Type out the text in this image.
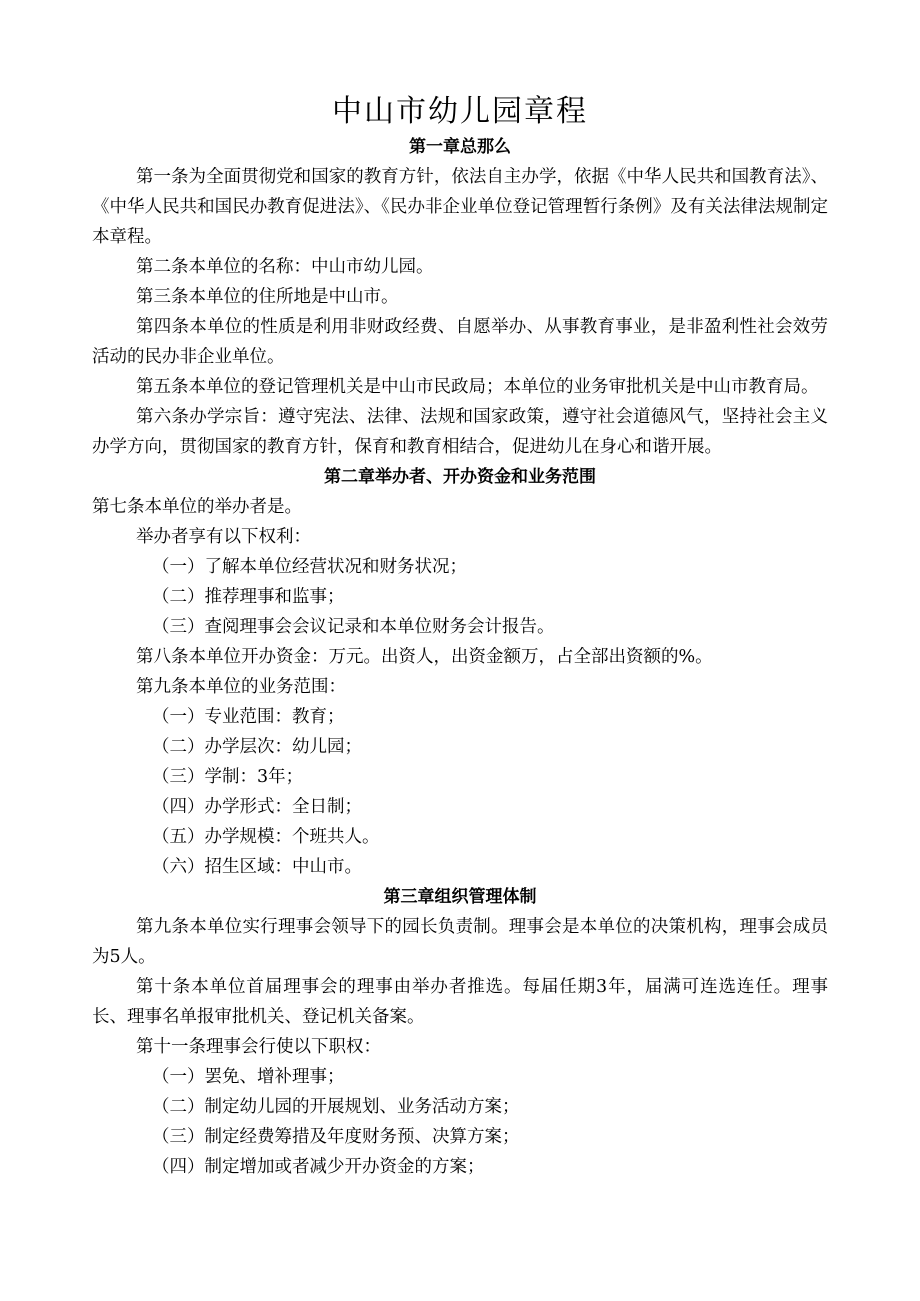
中山市幼儿园章程
第一章总那么

第一条为全面贯彻党和国家的教育方针，依法自主办学，依据《中华人民共和国教育法》、《中华人民共和国民办教育促进法》、《民办非企业单位登记管理暂行条例》及有关法律法规制定本章程。

第二条本单位的名称：中山市幼儿园。

第三条本单位的住所地是中山市。

第四条本单位的性质是利用非财政经费、自愿举办、从事教育事业，是非盈利性社会效劳活动的民办非企业单位。

第五条本单位的登记管理机关是中山市民政局；本单位的业务审批机关是中山市教育局。

第六条办学宗旨：遵守宪法、法律、法规和国家政策，遵守社会道德风气，坚持社会主义办学方向，贯彻国家的教育方针，保育和教育相结合，促进幼儿在身心和谐开展。

第二章举办者、开办资金和业务范围

第七条本单位的举办者是。

举办者享有以下权利：

（一）了解本单位经营状况和财务状况；

（二）推荐理事和监事；

（三）查阅理事会会议记录和本单位财务会计报告。

第八条本单位开办资金：万元。出资人，出资金额万，占全部出资额的%。

第九条本单位的业务范围：

（一）专业范围：教育；

（二）办学层次：幼儿园；

（三）学制：3年；

（四）办学形式：全日制；

（五）办学规模：个班共人。

（六）招生区域：中山市。

第三章组织管理体制

第九条本单位实行理事会领导下的园长负责制。理事会是本单位的决策机构，理事会成员为5人。

第十条本单位首届理事会的理事由举办者推选。每届任期3年，届满可连选连任。理事长、理事名单报审批机关、登记机关备案。

第十一条理事会行使以下职权：

（一）罢免、增补理事；

（二）制定幼儿园的开展规划、业务活动方案；

（三）制定经费筹措及年度财务预、决算方案；

（四）制定增加或者减少开办资金的方案；
